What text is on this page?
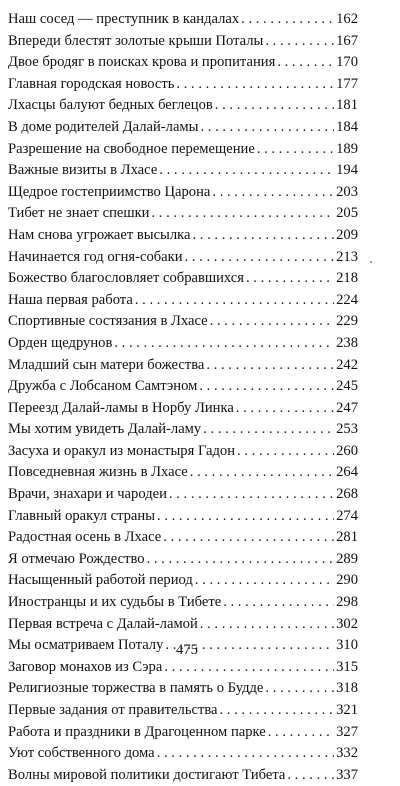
Наш сосед — преступник в кандалах . . .	162
Впереди блестят золотые крыши Поталы . . .	167
Двое бродяг в поисках крова и пропитания . . .	170
Главная городская новость . . .	177
Лхасцы балуют бедных беглецов . . .	181
В доме родителей Далай-ламы . . .	184
Разрешение на свободное перемещение . . .	189
Важные визиты в Лхасе . . .	194
Щедрое гостеприимство Царона . . .	203
Тибет не знает спешки . . .	205
Нам снова угрожает высылка . . .	209
Начинается год огня-собаки . . .	213
Божество благословляет собравшихся . . .	218
Наша первая работа . . .	224
Спортивные состязания в Лхасе . . .	229
Орден щедрунов . . .	238
Младший сын матери божества . . .	242
Дружба с Лобсаном Самтэном . . .	245
Переезд Далай-ламы в Норбу Линка . . .	247
Мы хотим увидеть Далай-ламу . . .	253
Засуха и оракул из монастыря Гадон . . .	260
Повседневная жизнь в Лхасе . . .	264
Врачи, знахари и чародеи . . .	268
Главный оракул страны . . .	274
Радостная осень в Лхасе . . .	281
Я отмечаю Рождество . . .	289
Насыщенный работой период . . .	290
Иностранцы и их судьбы в Тибете . . .	298
Первая встреча с Далай-ламой . . .	302
Мы осматриваем Поталу . . .	310
Заговор монахов из Сэра . . .	315
Религиозные торжества в память о Будде . . .	318
Первые задания от правительства . . .	321
Работа и праздники в Драгоценном парке . . .	327
Уют собственного дома . . .	332
Волны мировой политики достигают Тибета . . .	337
475
